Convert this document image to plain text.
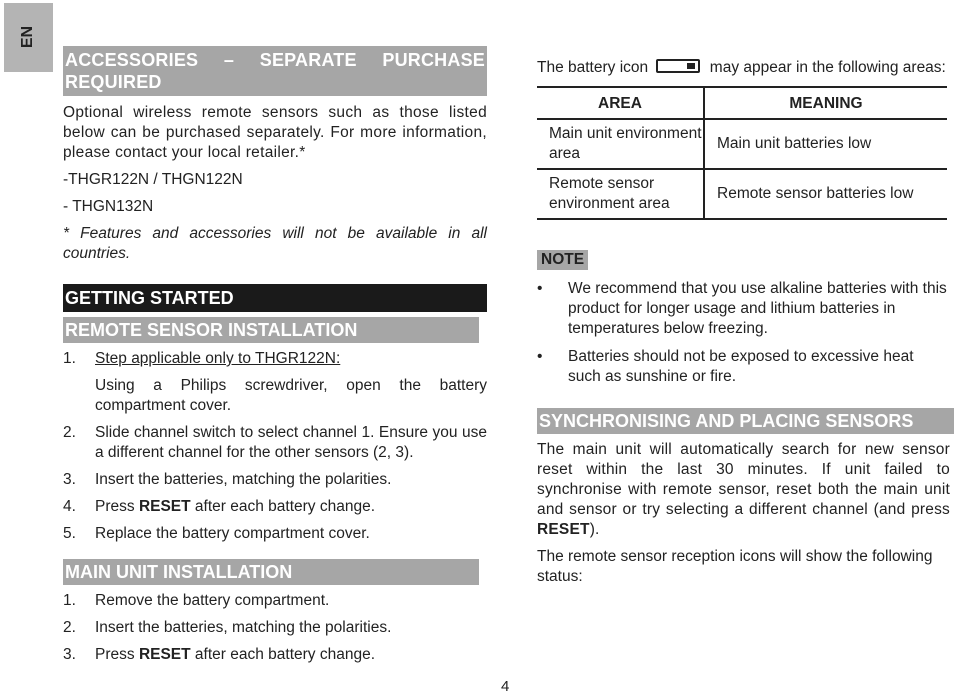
EN
ACCESSORIES – SEPARATE PURCHASE REQUIRED

Optional wireless remote sensors such as those listed below can be purchased separately. For more information, please contact your local retailer.*

-THGR122N / THGN122N

- THGN132N

* Features and accessories will not be available in all countries.

GETTING STARTED
REMOTE SENSOR INSTALLATION
1.	Step applicable only to THGR122N:
Using a Philips screwdriver, open the battery compartment cover.
2.	Slide channel switch to select channel 1. Ensure you use a different channel for the other sensors (2, 3).
3.	Insert the batteries, matching the polarities.
4.	Press RESET after each battery change.
5.	Replace the battery compartment cover.
MAIN UNIT INSTALLATION
1.	Remove the battery compartment.
2.	Insert the batteries, matching the polarities.
3.	Press RESET after each battery change.

The battery icon	may appear in the following areas:

AREA	MEANING
Main unit environment area	Main unit batteries low
Remote sensor environment area	Remote sensor batteries low
NOTE
•	We recommend that you use alkaline batteries with this product for longer usage and lithium batteries in temperatures below freezing.
•	Batteries should not be exposed to excessive heat such as sunshine or fire.
SYNCHRONISING AND PLACING SENSORS

The main unit will automatically search for new sensor reset within the last 30 minutes. If unit failed to synchronise with remote sensor, reset both the main unit and sensor or try selecting a different channel (and press RESET).

The remote sensor reception icons will show the following status:

4
